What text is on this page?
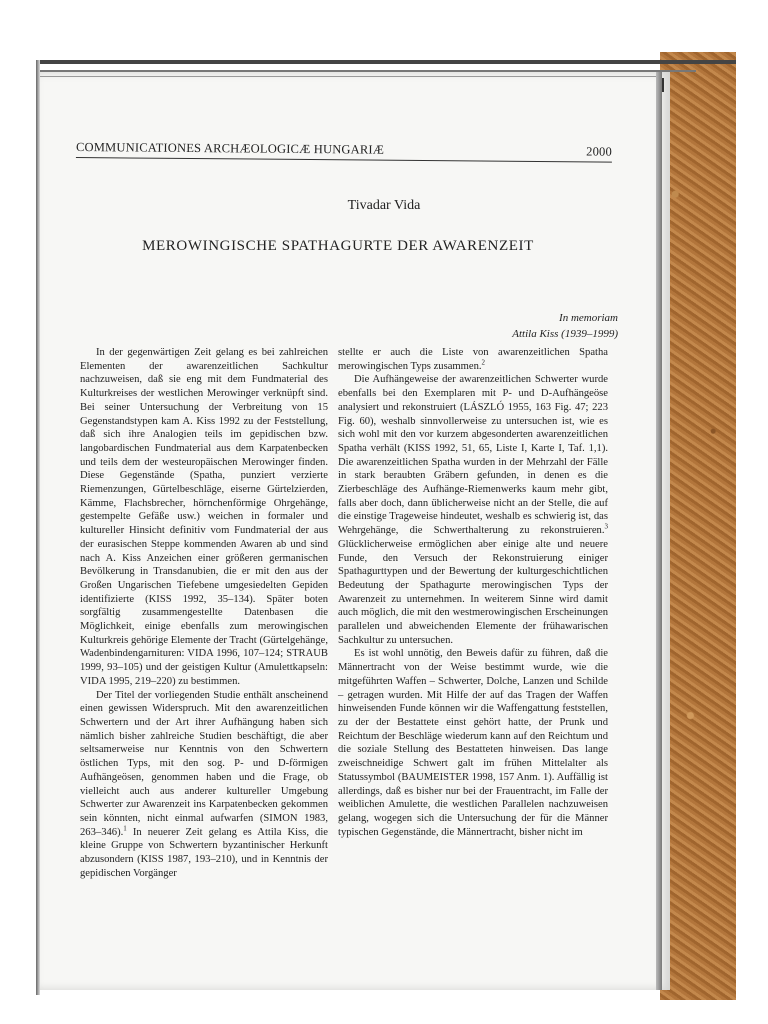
COMMUNICATIONES ARCHÆOLOGICÆ HUNGARIÆ	2000
Tivadar Vida
MEROWINGISCHE SPATHAGURTE DER AWARENZEIT
In memoriam
Attila Kiss (1939–1999)

In der gegenwärtigen Zeit gelang es bei zahlreichen Elementen der awarenzeitlichen Sachkultur nachzuweisen, daß sie eng mit dem Fundmaterial des Kulturkreises der westlichen Merowinger verknüpft sind. Bei seiner Untersuchung der Verbreitung von 15 Gegenstandstypen kam A. Kiss 1992 zu der Feststellung, daß sich ihre Analogien teils im gepidischen bzw. langobardischen Fundmaterial aus dem Karpatenbecken und teils dem der westeuropäischen Merowinger finden. Diese Gegenstände (Spatha, punziert verzierte Riemenzungen, Gürtelbeschläge, eiserne Gürtelzierden, Kämme, Flachsbrecher, hörnchenförmige Ohrgehänge, gestempelte Gefäße usw.) weichen in formaler und kultureller Hinsicht definitiv vom Fundmaterial der aus der eurasischen Steppe kommenden Awaren ab und sind nach A. Kiss Anzeichen einer größeren germanischen Bevölkerung in Transdanubien, die er mit den aus der Großen Ungarischen Tiefebene umgesiedelten Gepiden identifizierte (KISS 1992, 35–134). Später boten sorgfältig zusammengestellte Datenbasen die Möglichkeit, einige ebenfalls zum merowingischen Kulturkreis gehörige Elemente der Tracht (Gürtelgehänge, Wadenbindengarnituren: VIDA 1996, 107–124; STRAUB 1999, 93–105) und der geistigen Kultur (Amulettkapseln: VIDA 1995, 219–220) zu bestimmen.

Der Titel der vorliegenden Studie enthält anscheinend einen gewissen Widerspruch. Mit den awarenzeitlichen Schwertern und der Art ihrer Aufhängung haben sich nämlich bisher zahlreiche Studien beschäftigt, die aber seltsamerweise nur Kenntnis von den Schwertern östlichen Typs, mit den sog. P- und D-förmigen Aufhängeösen, genommen haben und die Frage, ob vielleicht auch aus anderer kultureller Umgebung Schwerter zur Awarenzeit ins Karpatenbecken gekommen sein könnten, nicht einmal aufwarfen (SIMON 1983, 263–346).$^1$ In neuerer Zeit gelang es Attila Kiss, die kleine Gruppe von Schwertern byzantinischer Herkunft abzusondern (KISS 1987, 193–210), und in Kenntnis der gepidischen Vorgänger

stellte er auch die Liste von awarenzeitlichen Spatha merowingischen Typs zusammen.$^2$

Die Aufhängeweise der awarenzeitlichen Schwerter wurde ebenfalls bei den Exemplaren mit P- und D-Aufhängeöse analysiert und rekonstruiert (LÁSZLÓ 1955, 163 Fig. 47; 223 Fig. 60), weshalb sinnvollerweise zu untersuchen ist, wie es sich wohl mit den vor kurzem abgesonderten awarenzeitlichen Spatha verhält (KISS 1992, 51, 65, Liste I, Karte I, Taf. 1,1). Die awarenzeitlichen Spatha wurden in der Mehrzahl der Fälle in stark beraubten Gräbern gefunden, in denen es die Zierbeschläge des Aufhänge-Riemenwerks kaum mehr gibt, falls aber doch, dann üblicherweise nicht an der Stelle, die auf die einstige Trageweise hindeutet, weshalb es schwierig ist, das Wehrgehänge, die Schwerthalterung zu rekonstruieren.$^3$ Glücklicherweise ermöglichen aber einige alte und neuere Funde, den Versuch der Rekonstruierung einiger Spathagurttypen und der Bewertung der kulturgeschichtlichen Bedeutung der Spathagurte merowingischen Typs der Awarenzeit zu unternehmen. In weiterem Sinne wird damit auch möglich, die mit den westmerowingischen Erscheinungen parallelen und abweichenden Elemente der frühawarischen Sachkultur zu untersuchen.

Es ist wohl unnötig, den Beweis dafür zu führen, daß die Männertracht von der Weise bestimmt wurde, wie die mitgeführten Waffen – Schwerter, Dolche, Lanzen und Schilde – getragen wurden. Mit Hilfe der auf das Tragen der Waffen hinweisenden Funde können wir die Waffengattung feststellen, zu der der Bestattete einst gehört hatte, der Prunk und Reichtum der Beschläge wiederum kann auf den Reichtum und die soziale Stellung des Bestatteten hinweisen. Das lange zweischneidige Schwert galt im frühen Mittelalter als Statussymbol (BAUMEISTER 1998, 157 Anm. 1). Auffällig ist allerdings, daß es bisher nur bei der Frauentracht, im Falle der weiblichen Amulette, die westlichen Parallelen nachzuweisen gelang, wogegen sich die Untersuchung der für die Männer typischen Gegenstände, die Männertracht, bisher nicht im
